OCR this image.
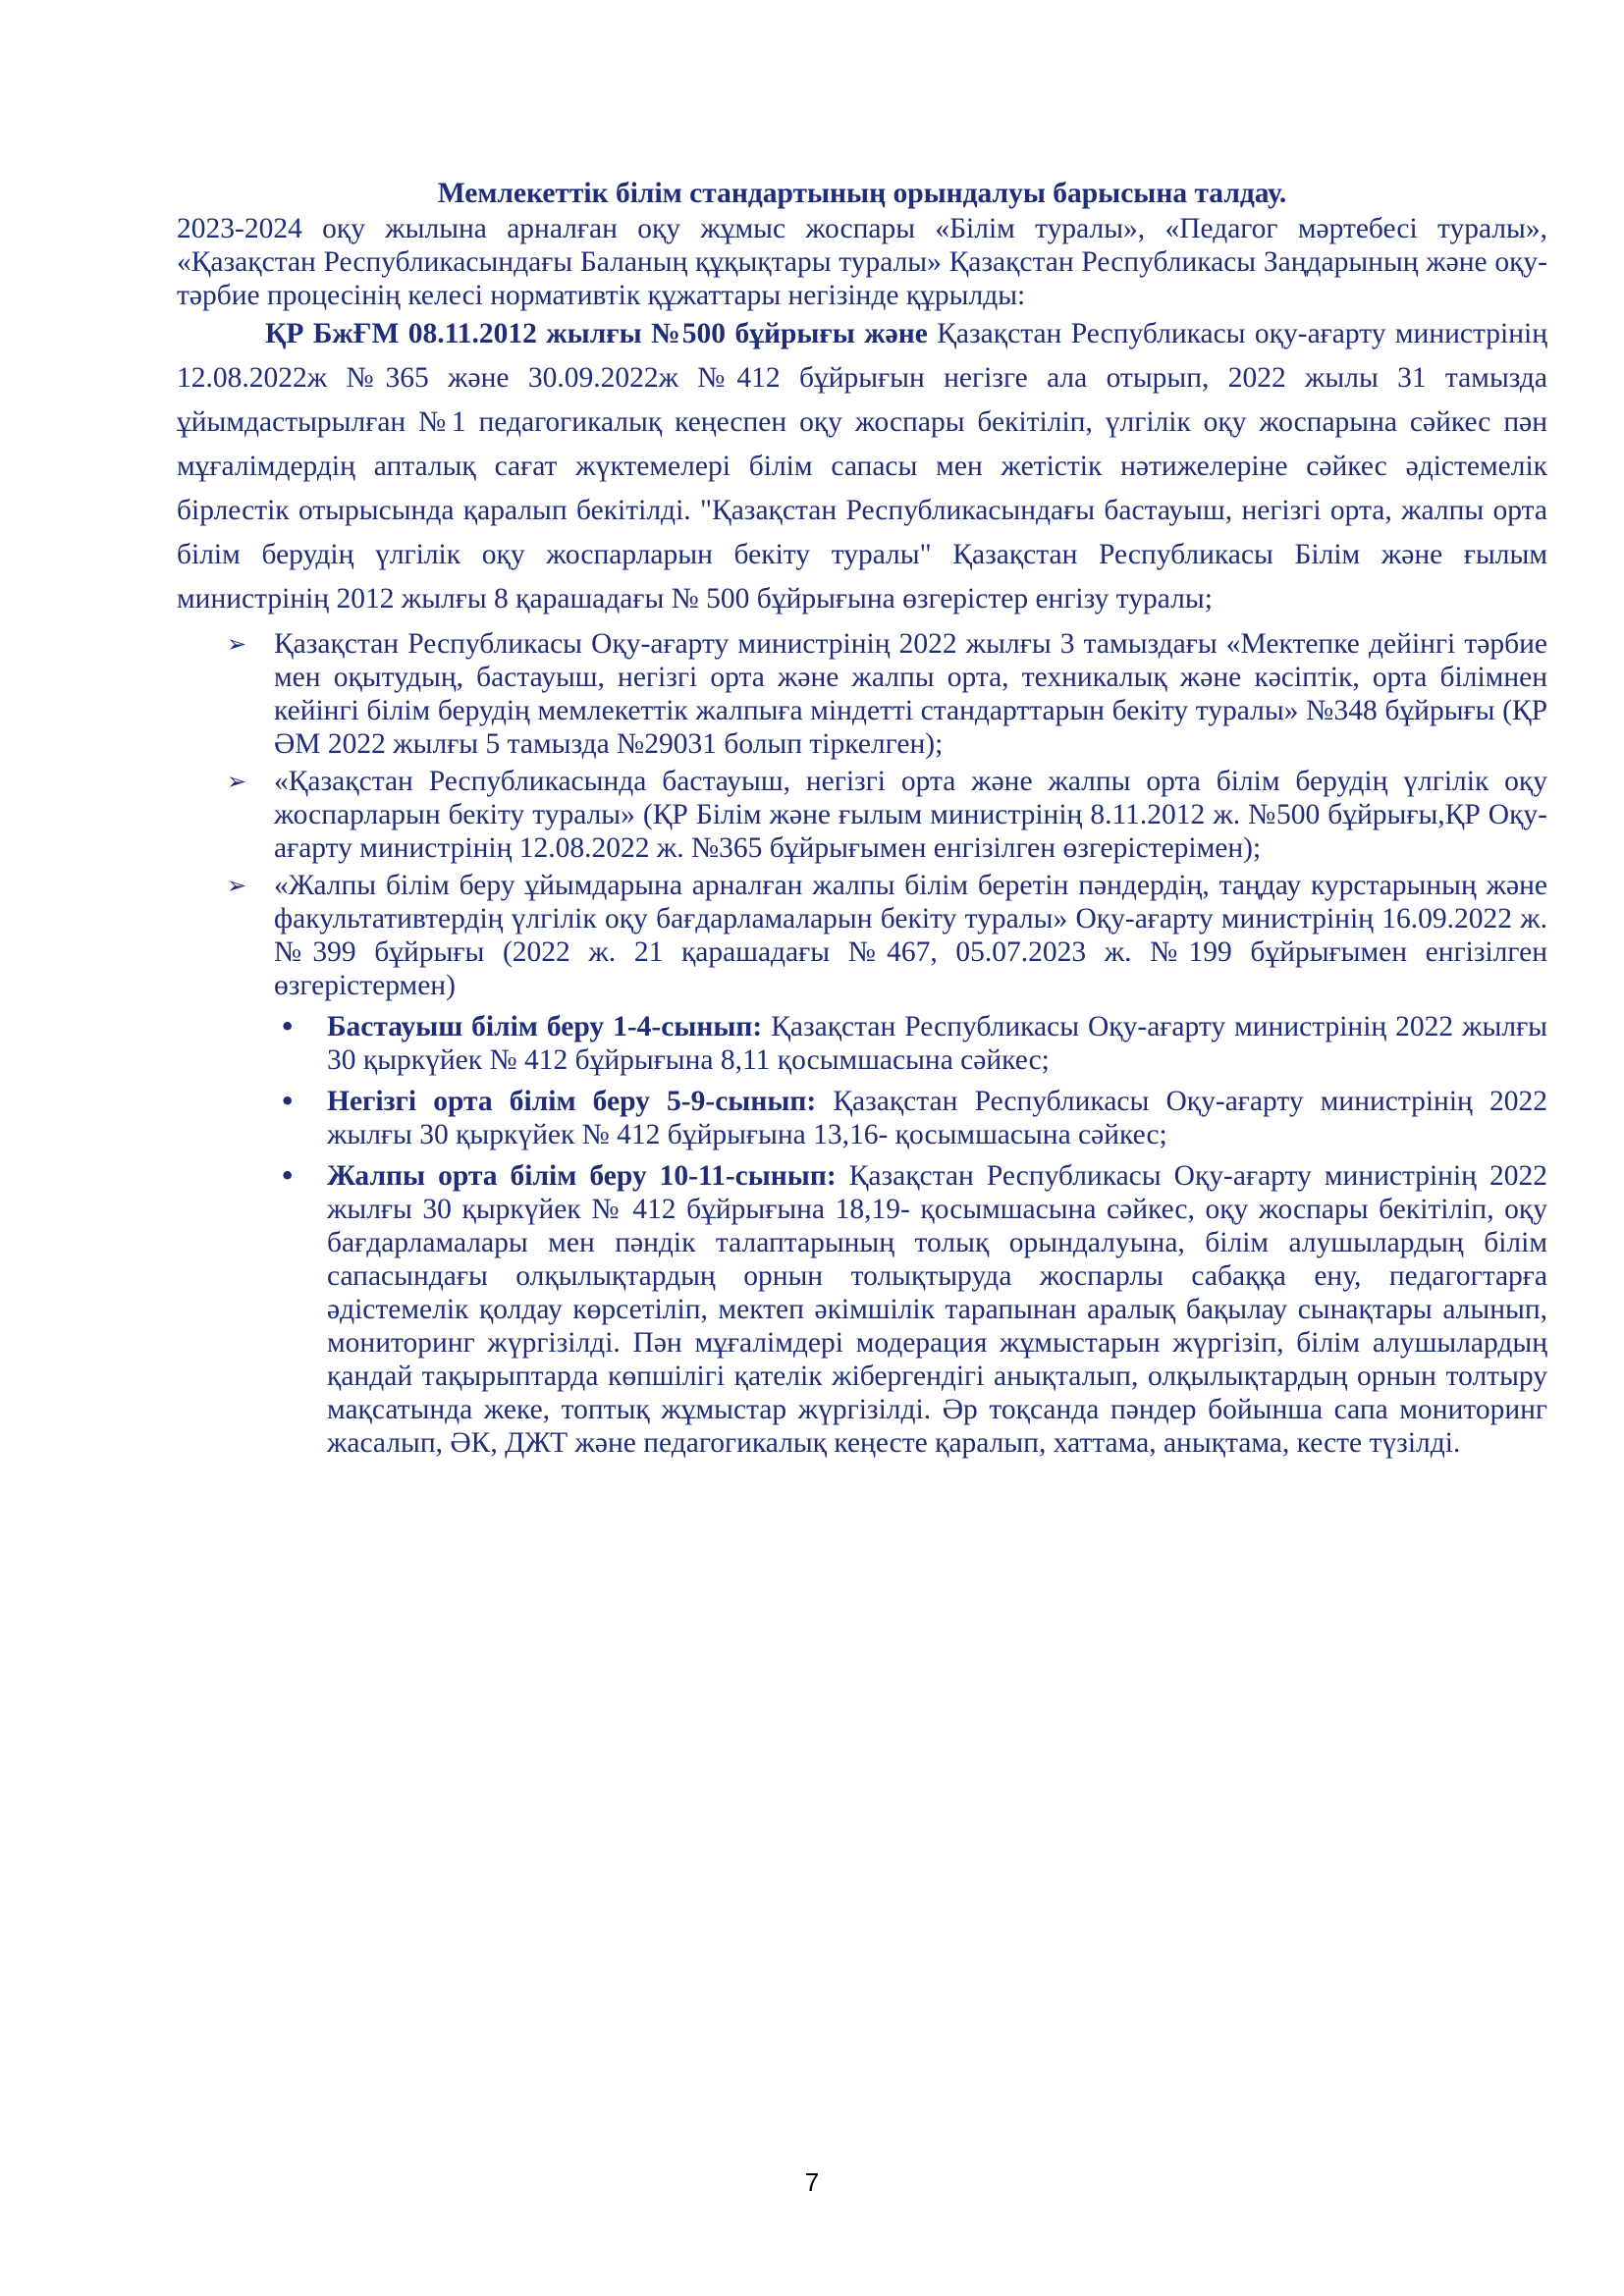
Мемлекеттік білім стандартының орындалуы барысына талдау.

2023-2024 оқу жылына арналған оқу жұмыс жоспары «Білім туралы», «Педагог мәртебесі туралы», «Қазақстан Республикасындағы Баланың құқықтары туралы» Қазақстан Республикасы Заңдарының және оқу-тәрбие процесінің келесі нормативтік құжаттары негізінде құрылды:

ҚР БжҒМ 08.11.2012 жылғы №500 бұйрығы және Қазақстан Республикасы оқу-ағарту министрінің 12.08.2022ж №365 және 30.09.2022ж №412 бұйрығын негізге ала отырып, 2022 жылы 31 тамызда ұйымдастырылған №1 педагогикалық кеңеспен оқу жоспары бекітіліп, үлгілік оқу жоспарына сәйкес пән мұғалімдердің апталық сағат жүктемелері білім сапасы мен жетістік нәтижелеріне сәйкес әдістемелік бірлестік отырысында қаралып бекітілді. "Қазақстан Республикасындағы бастауыш, негізгі орта, жалпы орта білім берудің үлгілік оқу жоспарларын бекіту туралы" Қазақстан Республикасы Білім және ғылым министрінің 2012 жылғы 8 қарашадағы № 500 бұйрығына өзгерістер енгізу туралы;

➢ Қазақстан Республикасы Оқу-ағарту министрінің 2022 жылғы 3 тамыздағы «Мектепке дейінгі тәрбие мен оқытудың, бастауыш, негізгі орта және жалпы орта, техникалық және кәсіптік, орта білімнен кейінгі білім берудің мемлекеттік жалпыға міндетті стандарттарын бекіту туралы» №348 бұйрығы (ҚР ӘМ 2022 жылғы 5 тамызда №29031 болып тіркелген);
➢ «Қазақстан Республикасында бастауыш, негізгі орта және жалпы орта білім берудің үлгілік оқу жоспарларын бекіту туралы» (ҚР Білім және ғылым министрінің 8.11.2012 ж. №500 бұйрығы,ҚР Оқу-ағарту министрінің 12.08.2022 ж. №365 бұйрығымен енгізілген өзгерістерімен);
➢ «Жалпы білім беру ұйымдарына арналған жалпы білім беретін пәндердің, таңдау курстарының және факультативтердің үлгілік оқу бағдарламаларын бекіту туралы» Оқу-ағарту министрінің 16.09.2022 ж. №399 бұйрығы (2022 ж. 21 қарашадағы №467, 05.07.2023 ж. №199 бұйрығымен енгізілген өзгерістермен)
• Бастауыш білім беру 1-4-сынып: Қазақстан Республикасы Оқу-ағарту министрінің 2022 жылғы 30 қыркүйек № 412 бұйрығына 8,11 қосымшасына сәйкес;
• Негізгі орта білім беру 5-9-сынып: Қазақстан Республикасы Оқу-ағарту министрінің 2022 жылғы 30 қыркүйек № 412 бұйрығына 13,16- қосымшасына сәйкес;
• Жалпы орта білім беру 10-11-сынып: Қазақстан Республикасы Оқу-ағарту министрінің 2022 жылғы 30 қыркүйек № 412 бұйрығына 18,19- қосымшасына сәйкес, оқу жоспары бекітіліп, оқу бағдарламалары мен пәндік талаптарының толық орындалуына, білім алушылардың білім сапасындағы олқылықтардың орнын толықтыруда жоспарлы сабаққа ену, педагогтарға әдістемелік қолдау көрсетіліп, мектеп әкімшілік тарапынан аралық бақылау сынақтары алынып, мониторинг жүргізілді. Пән мұғалімдері модерация жұмыстарын жүргізіп, білім алушылардың қандай тақырыптарда көпшілігі қателік жібергендігі анықталып, олқылықтардың орнын толтыру мақсатында жеке, топтық жұмыстар жүргізілді. Әр тоқсанда пәндер бойынша сапа мониторинг жасалып, ӘК, ДЖТ және педагогикалық кеңесте қаралып, хаттама, анықтама, кесте түзілді.
7
